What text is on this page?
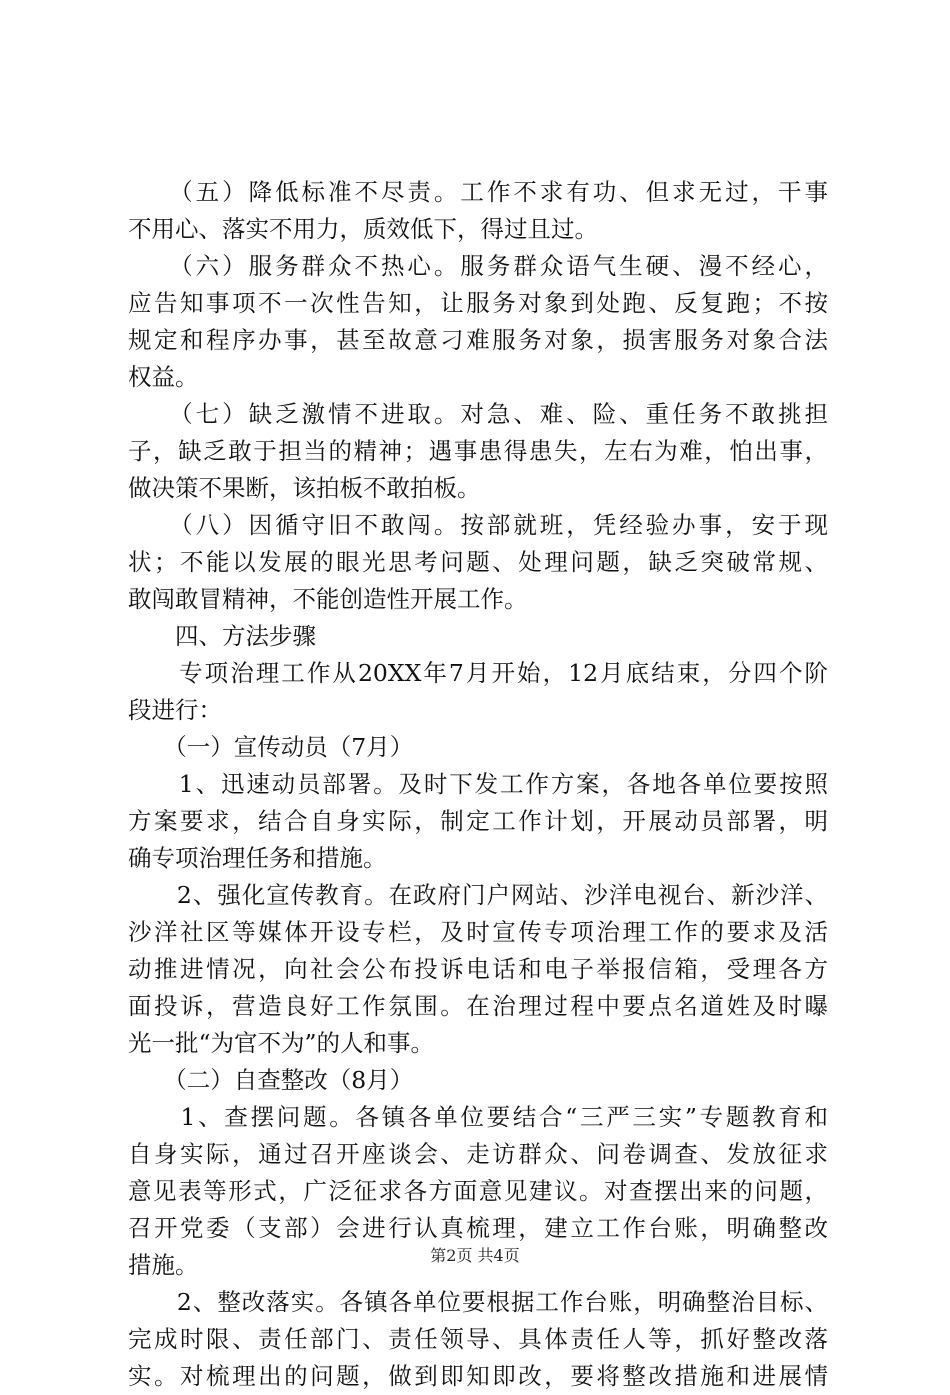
　　（五）降低标准不尽责。工作不求有功、但求无过，干事
不用心、落实不用力，质效低下，得过且过。
　　（六）服务群众不热心。服务群众语气生硬、漫不经心，
应告知事项不一次性告知，让服务对象到处跑、反复跑；不按
规定和程序办事，甚至故意刁难服务对象，损害服务对象合法
权益。
　　（七）缺乏激情不进取。对急、难、险、重任务不敢挑担
子，缺乏敢于担当的精神；遇事患得患失，左右为难，怕出事，
做决策不果断，该拍板不敢拍板。
　　（八）因循守旧不敢闯。按部就班，凭经验办事，安于现
状；不能以发展的眼光思考问题、处理问题，缺乏突破常规、
敢闯敢冒精神，不能创造性开展工作。
　　四、方法步骤
　　专项治理工作从20XX年7月开始，12月底结束，分四个阶
段进行：
　　（一）宣传动员（7月）
　　1、迅速动员部署。及时下发工作方案，各地各单位要按照
方案要求，结合自身实际，制定工作计划，开展动员部署，明
确专项治理任务和措施。
　　2、强化宣传教育。在政府门户网站、沙洋电视台、新沙洋、
沙洋社区等媒体开设专栏，及时宣传专项治理工作的要求及活
动推进情况，向社会公布投诉电话和电子举报信箱，受理各方
面投诉，营造良好工作氛围。在治理过程中要点名道姓及时曝
光一批“为官不为”的人和事。
　　（二）自查整改（8月）
　　1、查摆问题。各镇各单位要结合“三严三实”专题教育和
自身实际，通过召开座谈会、走访群众、问卷调查、发放征求
意见表等形式，广泛征求各方面意见建议。对查摆出来的问题，
召开党委（支部）会进行认真梳理，建立工作台账，明确整改
措施。
　　2、整改落实。各镇各单位要根据工作台账，明确整治目标、
完成时限、责任部门、责任领导、具体责任人等，抓好整改落
实。对梳理出的问题，做到即知即改，要将整改措施和进展情
第2页 共4页
